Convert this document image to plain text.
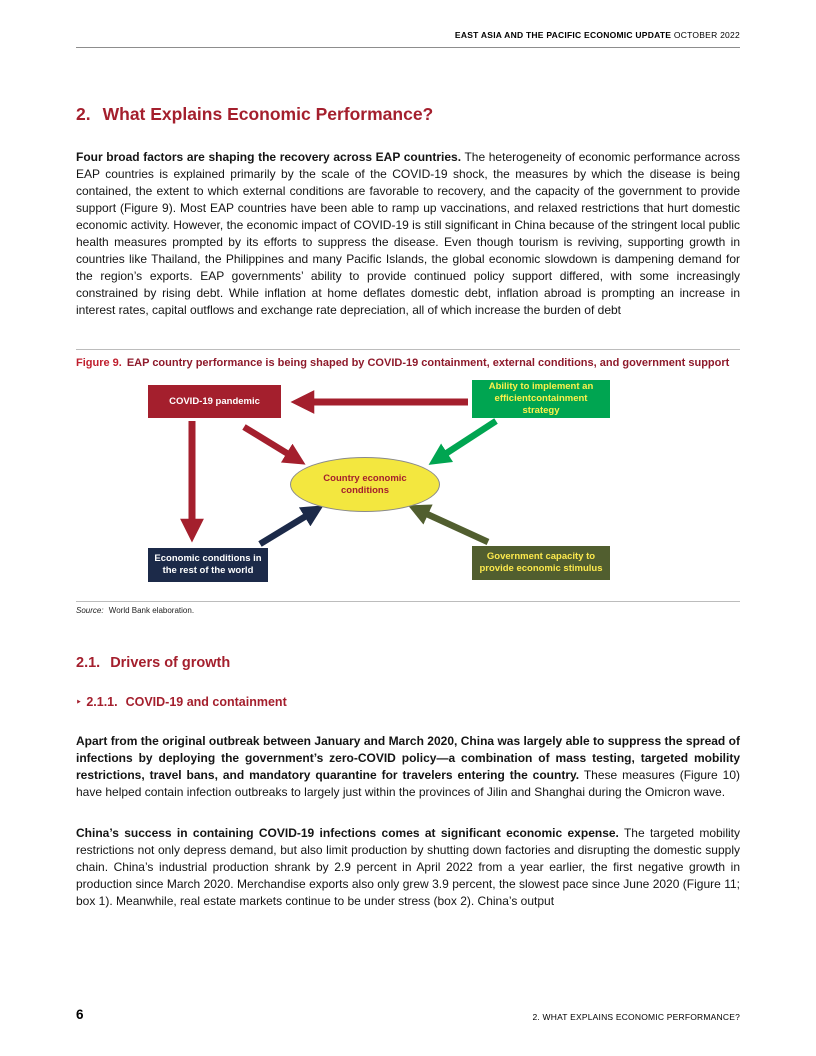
EAST ASIA AND THE PACIFIC ECONOMIC UPDATE OCTOBER 2022
2. What Explains Economic Performance?

Four broad factors are shaping the recovery across EAP countries. The heterogeneity of economic performance across EAP countries is explained primarily by the scale of the COVID-19 shock, the measures by which the disease is being contained, the extent to which external conditions are favorable to recovery, and the capacity of the government to provide support (Figure 9). Most EAP countries have been able to ramp up vaccinations, and relaxed restrictions that hurt domestic economic activity. However, the economic impact of COVID-19 is still significant in China because of the stringent local public health measures prompted by its efforts to suppress the disease. Even though tourism is reviving, supporting growth in countries like Thailand, the Philippines and many Pacific Islands, the global economic slowdown is dampening demand for the region’s exports. EAP governments’ ability to provide continued policy support differed, with some increasingly constrained by rising debt. While inflation at home deflates domestic debt, inflation abroad is prompting an increase in interest rates, capital outflows and exchange rate depreciation, all of which increase the burden of debt

Figure 9. EAP country performance is being shaped by COVID-19 containment, external conditions, and government support
COVID-19 pandemic
Ability to implement an efficientcontainment strategy
Country economic conditions
Economic conditions in the rest of the world
Government capacity to provide economic stimulus
Source: World Bank elaboration.
2.1. Drivers of growth
‣ 2.1.1. COVID-19 and containment

Apart from the original outbreak between January and March 2020, China was largely able to suppress the spread of infections by deploying the government’s zero-COVID policy—a combination of mass testing, targeted mobility restrictions, travel bans, and mandatory quarantine for travelers entering the country. These measures (Figure 10) have helped contain infection outbreaks to largely just within the provinces of Jilin and Shanghai during the Omicron wave.

China’s success in containing COVID-19 infections comes at significant economic expense. The targeted mobility restrictions not only depress demand, but also limit production by shutting down factories and disrupting the domestic supply chain. China’s industrial production shrank by 2.9 percent in April 2022 from a year earlier, the first negative growth in production since March 2020. Merchandise exports also only grew 3.9 percent, the slowest pace since June 2020 (Figure 11; box 1). Meanwhile, real estate markets continue to be under stress (box 2). China’s output

6	2. WHAT EXPLAINS ECONOMIC PERFORMANCE?
